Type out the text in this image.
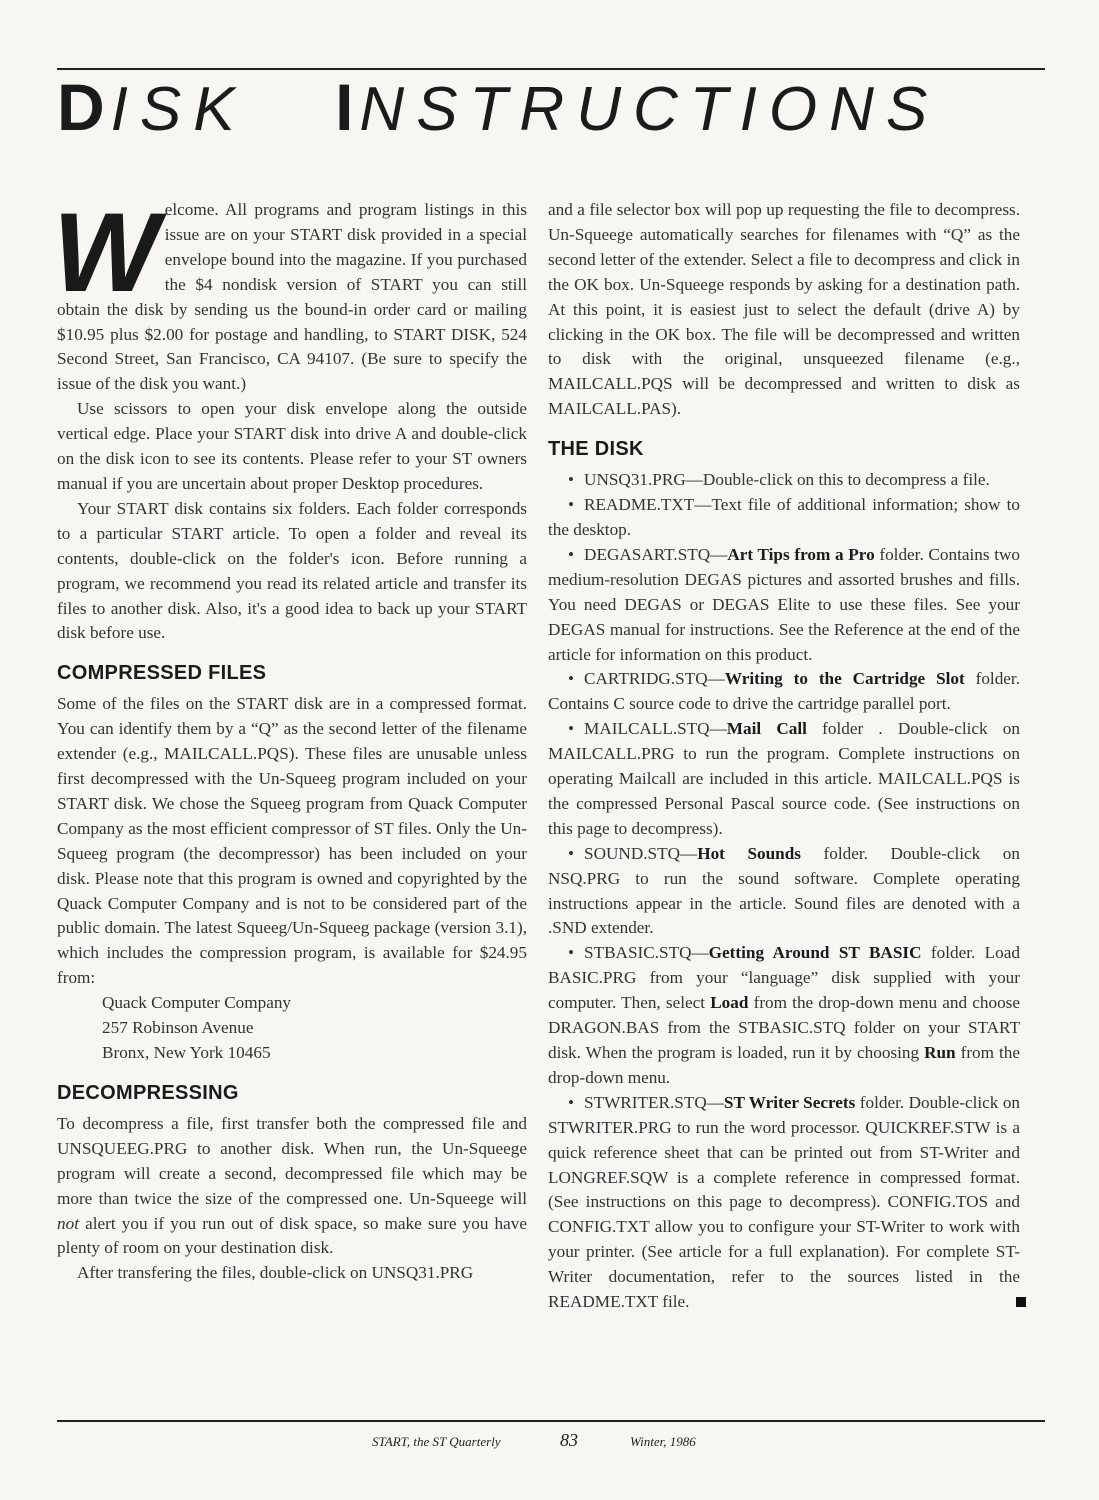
DISK INSTRUCTIONS

Welcome. All programs and program listings in this issue are on your START disk provided in a special envelope bound into the magazine. If you purchased the $4 nondisk version of START you can still obtain the disk by sending us the bound-in order card or mailing $10.95 plus $2.00 for postage and handling, to START DISK, 524 Second Street, San Francisco, CA 94107. (Be sure to specify the issue of the disk you want.)

Use scissors to open your disk envelope along the outside vertical edge. Place your START disk into drive A and double-click on the disk icon to see its contents. Please refer to your ST owners manual if you are uncertain about proper Desktop procedures.

Your START disk contains six folders. Each folder corresponds to a particular START article. To open a folder and reveal its contents, double-click on the folder's icon. Before running a program, we recommend you read its related article and transfer its files to another disk. Also, it's a good idea to back up your START disk before use.

COMPRESSED FILES

Some of the files on the START disk are in a compressed format. You can identify them by a “Q” as the second letter of the filename extender (e.g., MAILCALL.PQS). These files are unusable unless first decompressed with the Un-Squeeg program included on your START disk. We chose the Squeeg program from Quack Computer Company as the most efficient compressor of ST files. Only the Un-Squeeg program (the decompressor) has been included on your disk. Please note that this program is owned and copyrighted by the Quack Computer Company and is not to be considered part of the public domain. The latest Squeeg/Un-Squeeg package (version 3.1), which includes the compression program, is available for $24.95 from:

Quack Computer Company
257 Robinson Avenue
Bronx, New York 10465
DECOMPRESSING

To decompress a file, first transfer both the compressed file and UNSQUEEG.PRG to another disk. When run, the Un-Squeege program will create a second, decompressed file which may be more than twice the size of the compressed one. Un-Squeege will not alert you if you run out of disk space, so make sure you have plenty of room on your destination disk.

After transfering the files, double-click on UNSQ31.PRG

and a file selector box will pop up requesting the file to decompress. Un-Squeege automatically searches for filenames with “Q” as the second letter of the extender. Select a file to decompress and click in the OK box. Un-Squeege responds by asking for a destination path. At this point, it is easiest just to select the default (drive A) by clicking in the OK box. The file will be decompressed and written to disk with the original, unsqueezed filename (e.g., MAILCALL.PQS will be decompressed and written to disk as MAILCALL.PAS).

THE DISK

• UNSQ31.PRG—Double-click on this to decompress a file.

• README.TXT—Text file of additional information; show to the desktop.

• DEGASART.STQ—Art Tips from a Pro folder. Contains two medium-resolution DEGAS pictures and assorted brushes and fills. You need DEGAS or DEGAS Elite to use these files. See your DEGAS manual for instructions. See the Reference at the end of the article for information on this product.

• CARTRIDG.STQ—Writing to the Cartridge Slot folder. Contains C source code to drive the cartridge parallel port.

• MAILCALL.STQ—Mail Call folder . Double-click on MAILCALL.PRG to run the program. Complete instructions on operating Mailcall are included in this article. MAILCALL.PQS is the compressed Personal Pascal source code. (See instructions on this page to decompress).

• SOUND.STQ—Hot Sounds folder. Double-click on NSQ.PRG to run the sound software. Complete operating instructions appear in the article. Sound files are denoted with a .SND extender.

• STBASIC.STQ—Getting Around ST BASIC folder. Load BASIC.PRG from your “language” disk supplied with your computer. Then, select Load from the drop-down menu and choose DRAGON.BAS from the STBASIC.STQ folder on your START disk. When the program is loaded, run it by choosing Run from the drop-down menu.

• STWRITER.STQ—ST Writer Secrets folder. Double-click on STWRITER.PRG to run the word processor. QUICKREF.STW is a quick reference sheet that can be printed out from ST-Writer and LONGREF.SQW is a complete reference in compressed format. (See instructions on this page to decompress). CONFIG.TOS and CONFIG.TXT allow you to configure your ST-Writer to work with your printer. (See article for a full explanation). For complete ST-Writer documentation, refer to the sources listed in the README.TXT file.

START, the ST Quarterly	83	Winter, 1986
